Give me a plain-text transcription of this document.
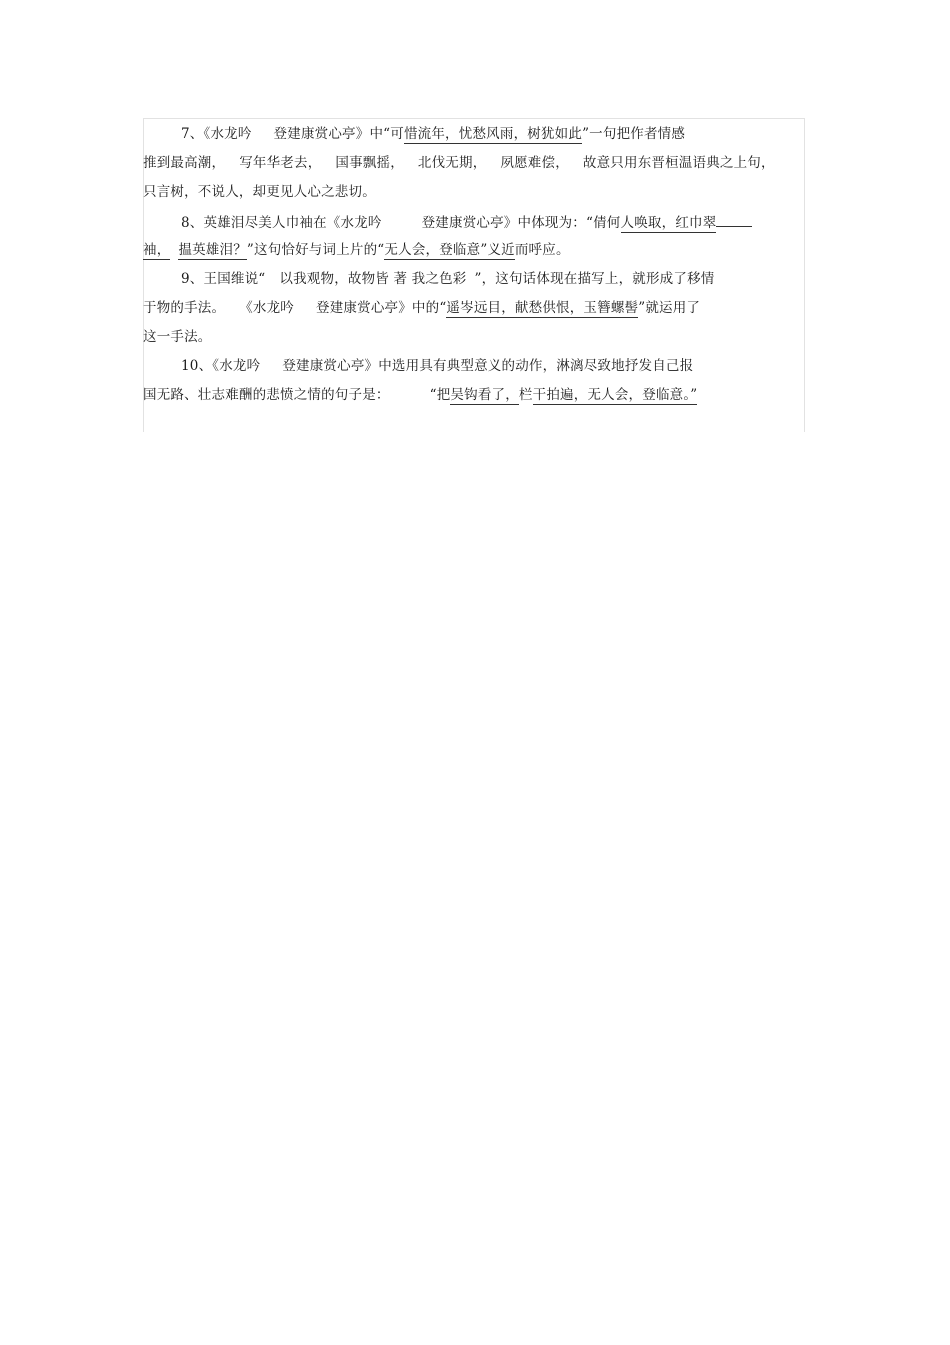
7、《水龙吟 登建康赏心亭》中“可惜流年，忧愁风雨，树犹如此”一句把作者情感
推到最高潮， 写年华老去， 国事飘摇， 北伐无期， 夙愿难偿， 故意只用东晋桓温语典之上句，
只言树，不说人，却更见人心之悲切。
8、英雄泪尽美人巾袖在《水龙吟	登建康赏心亭》中体现为：“倩何人唤取，红巾翠
袖， 揾英雄泪？”这句恰好与词上片的“无人会，登临意”义近而呼应。
9、王国维说“ 以我观物，故物皆 著 我之色彩 ”，这句话体现在描写上，就形成了移情
于物的手法。 《水龙吟 登建康赏心亭》中的“遥岑远目，献愁供恨，玉簪螺髻”就运用了
这一手法。
10、《水龙吟 登建康赏心亭》中选用具有典型意义的动作，淋漓尽致地抒发自己报
国无路、壮志难酬的悲愤之情的句子是：	“把吴钩看了，栏干拍遍，无人会，登临意。”
